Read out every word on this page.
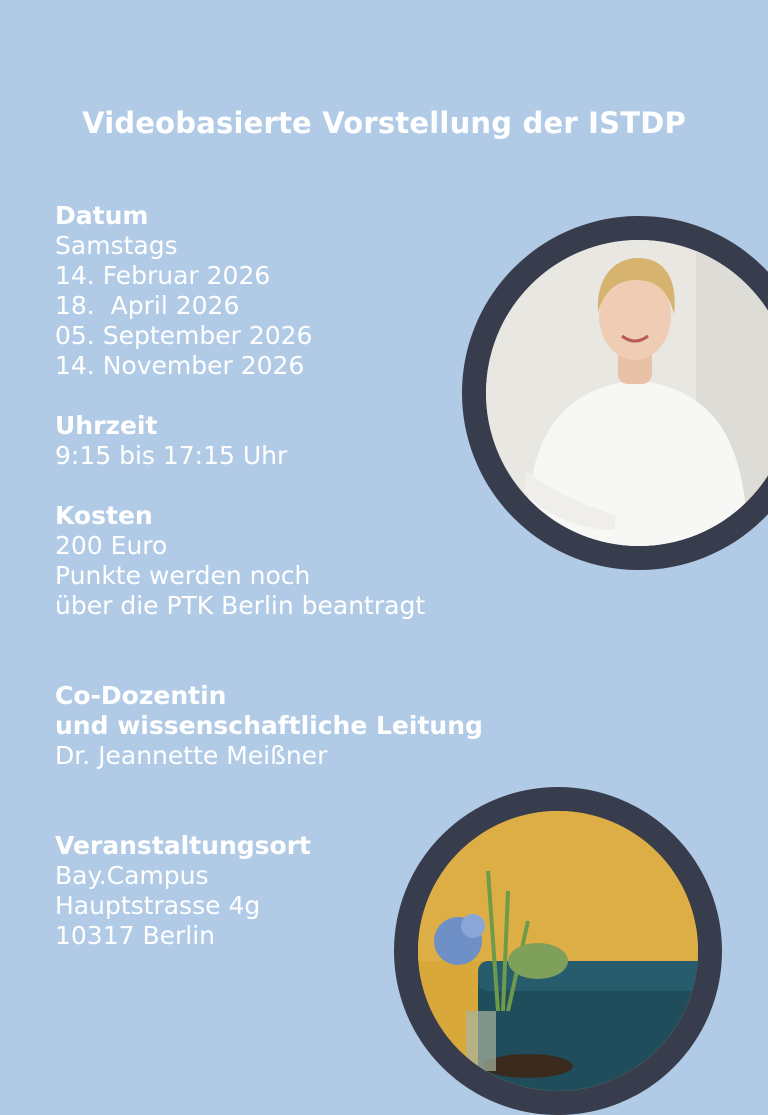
Videobasierte Vorstellung der ISTDP
Datum
Samstags
14. Februar 2026
18.  April 2026
05. September 2026
14. November 2026
Uhrzeit
9:15 bis 17:15 Uhr
Kosten
200 Euro
Punkte werden noch
über die PTK Berlin beantragt
Co-Dozentin
und wissenschaftliche Leitung
Dr. Jeannette Meißner
Veranstaltungsort
Bay.Campus
Hauptstrasse 4g
10317 Berlin
